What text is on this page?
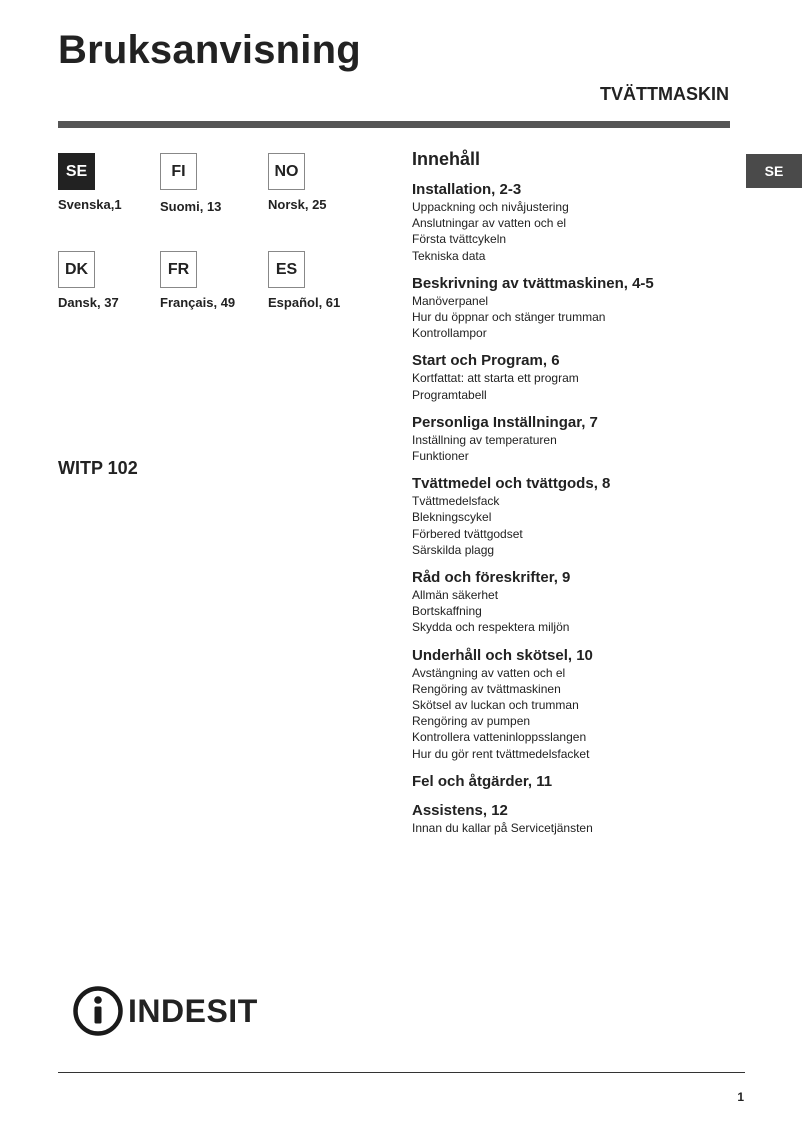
Bruksanvisning
TVÄTTMASKIN
SE
SE
Svenska,1
FI
Suomi, 13
NO
Norsk, 25
DK
Dansk, 37
FR
Français, 49
ES
Español, 61
WITP 102
Innehåll
Installation, 2-3
Uppackning och nivåjustering
Anslutningar av vatten och el
Första tvättcykeln
Tekniska data
Beskrivning av tvättmaskinen, 4-5
Manöverpanel
Hur du öppnar och stänger trumman
Kontrollampor
Start och Program, 6
Kortfattat: att starta ett program
Programtabell
Personliga Inställningar, 7
Inställning av temperaturen
Funktioner
Tvättmedel och tvättgods, 8
Tvättmedelsfack
Blekningscykel
Förbered tvättgodset
Särskilda plagg
Råd och föreskrifter, 9
Allmän säkerhet
Bortskaffning
Skydda och respektera miljön
Underhåll och skötsel, 10
Avstängning av vatten och el
Rengöring av tvättmaskinen
Skötsel av luckan och trumman
Rengöring av pumpen
Kontrollera vatteninloppsslangen
Hur du gör rent tvättmedelsfacket
Fel och åtgärder, 11
Assistens, 12
Innan du kallar på Servicetjänsten
INDESIT
1
